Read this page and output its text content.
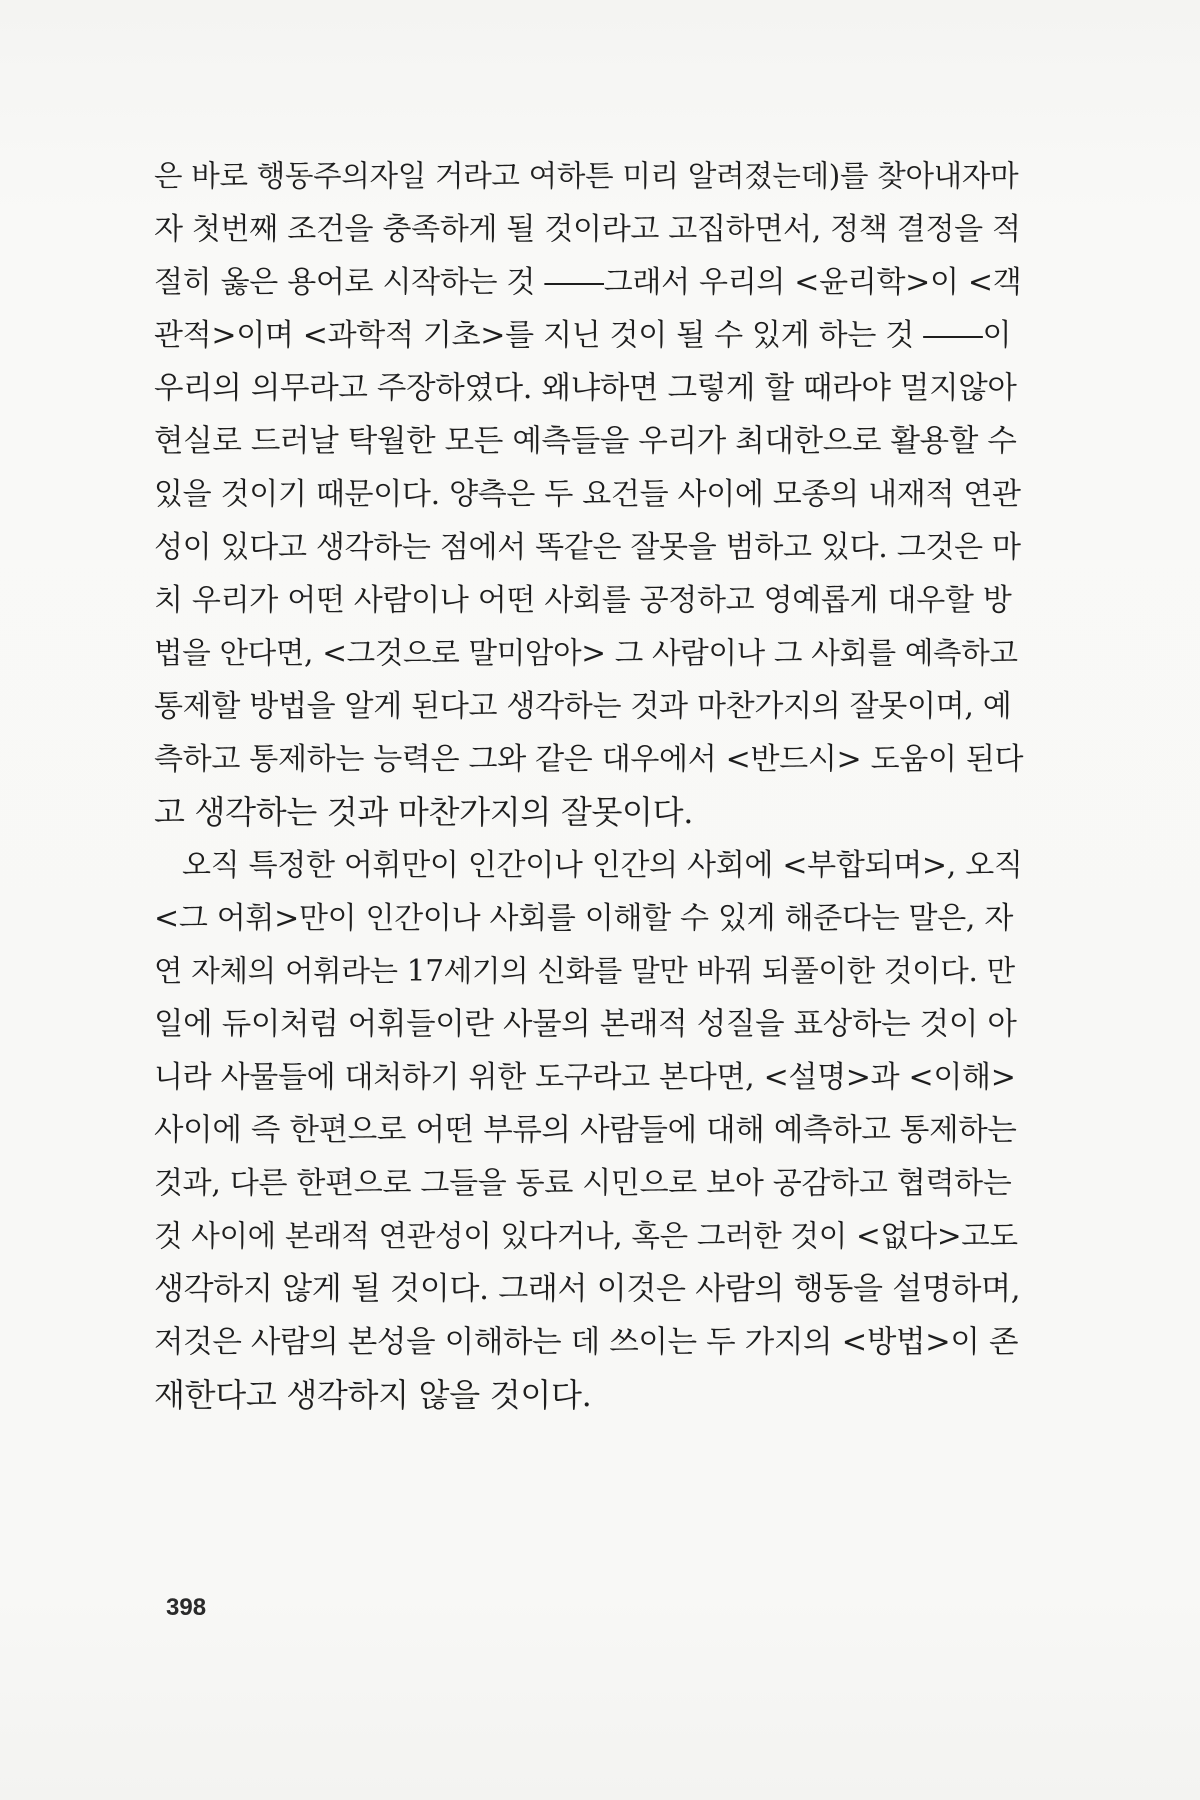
은 바로 행동주의자일 거라고 여하튼 미리 알려졌는데)를 찾아내자마
자 첫번째 조건을 충족하게 될 것이라고 고집하면서, 정책 결정을 적
절히 옳은 용어로 시작하는 것 ――그래서 우리의 <윤리학>이 <객
관적>이며 <과학적 기초>를 지닌 것이 될 수 있게 하는 것 ――이
우리의 의무라고 주장하였다. 왜냐하면 그렇게 할 때라야 멀지않아
현실로 드러날 탁월한 모든 예측들을 우리가 최대한으로 활용할 수
있을 것이기 때문이다. 양측은 두 요건들 사이에 모종의 내재적 연관
성이 있다고 생각하는 점에서 똑같은 잘못을 범하고 있다. 그것은 마
치 우리가 어떤 사람이나 어떤 사회를 공정하고 영예롭게 대우할 방
법을 안다면, <그것으로 말미암아> 그 사람이나 그 사회를 예측하고
통제할 방법을 알게 된다고 생각하는 것과 마찬가지의 잘못이며, 예
측하고 통제하는 능력은 그와 같은 대우에서 <반드시> 도움이 된다
고 생각하는 것과 마찬가지의 잘못이다.
오직 특정한 어휘만이 인간이나 인간의 사회에 <부합되며>, 오직
<그 어휘>만이 인간이나 사회를 이해할 수 있게 해준다는 말은, 자
연 자체의 어휘라는 17세기의 신화를 말만 바꿔 되풀이한 것이다. 만
일에 듀이처럼 어휘들이란 사물의 본래적 성질을 표상하는 것이 아
니라 사물들에 대처하기 위한 도구라고 본다면, <설명>과 <이해>
사이에 즉 한편으로 어떤 부류의 사람들에 대해 예측하고 통제하는
것과, 다른 한편으로 그들을 동료 시민으로 보아 공감하고 협력하는
것 사이에 본래적 연관성이 있다거나, 혹은 그러한 것이 <없다>고도
생각하지 않게 될 것이다. 그래서 이것은 사람의 행동을 설명하며,
저것은 사람의 본성을 이해하는 데 쓰이는 두 가지의 <방법>이 존
재한다고 생각하지 않을 것이다.
398
